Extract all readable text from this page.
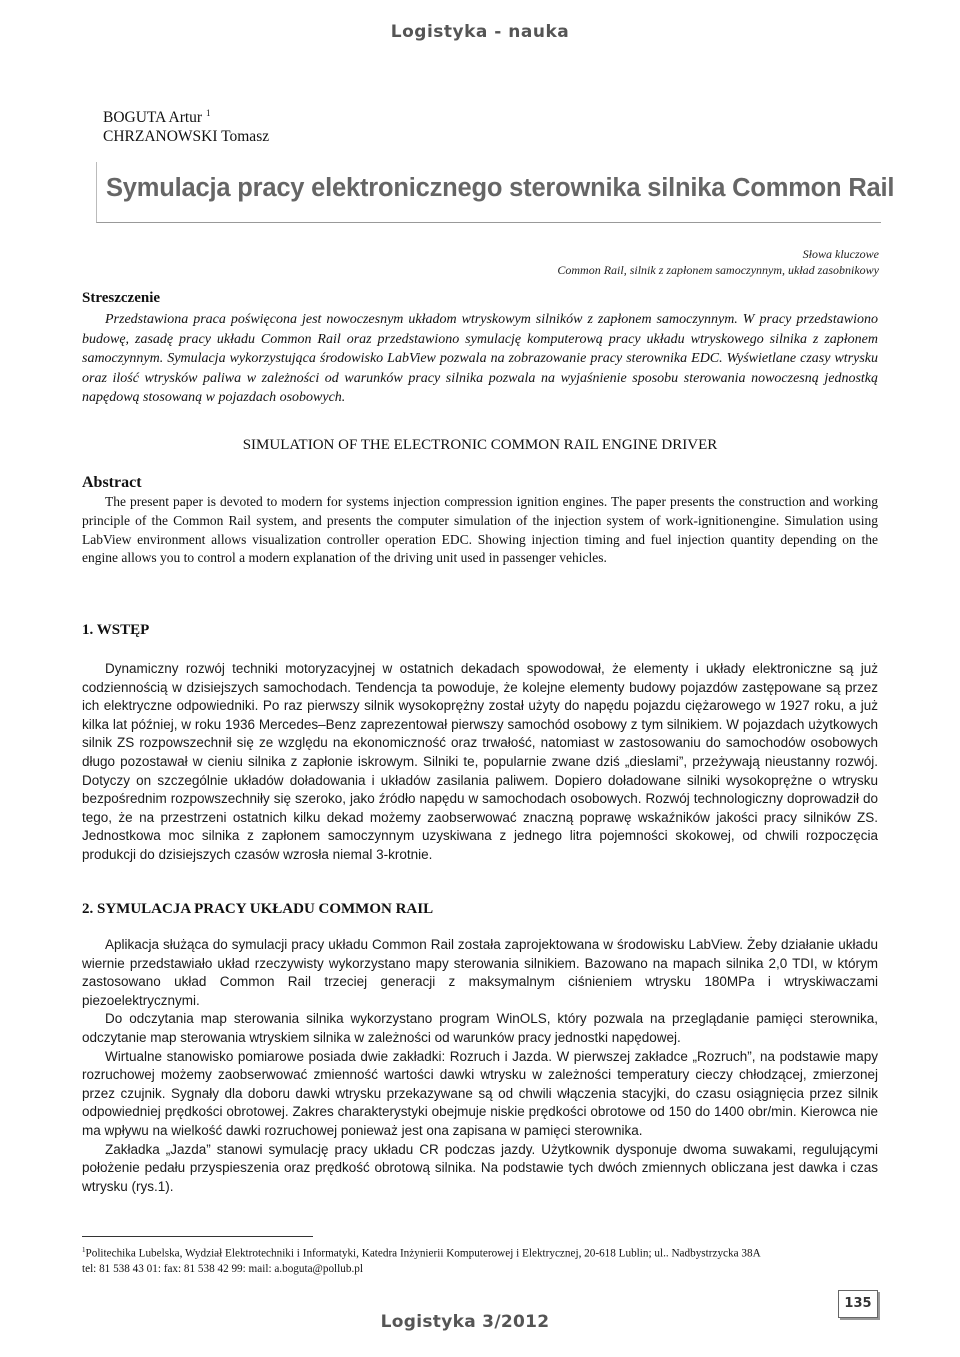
Logistyka - nauka
BOGUTA Artur $^1$
CHRZANOWSKI Tomasz
Symulacja pracy elektronicznego sterownika silnika Common Rail
Słowa kluczowe
Common Rail, silnik z zapłonem samoczynnym, układ zasobnikowy
Streszczenie

Przedstawiona praca poświęcona jest nowoczesnym układom wtryskowym silników z zapłonem samoczynnym. W pracy przedstawiono budowę, zasadę pracy układu Common Rail oraz przedstawiono symulację komputerową pracy układu wtryskowego silnika z zapłonem samoczynnym. Symulacja wykorzystująca środowisko LabView pozwala na zobrazowanie pracy sterownika EDC. Wyświetlane czasy wtrysku oraz ilość wtrysków paliwa w zależności od warunków pracy silnika pozwala na wyjaśnienie sposobu sterowania nowoczesną jednostką napędową stosowaną w pojazdach osobowych.

SIMULATION OF THE ELECTRONIC COMMON RAIL ENGINE DRIVER
Abstract

The present paper is devoted to modern for systems injection compression ignition engines. The paper presents the construction and working principle of the Common Rail system, and presents the computer simulation of the injection system of work-ignitionengine. Simulation using LabView environment allows visualization controller operation EDC. Showing injection timing and fuel injection quantity depending on the engine allows you to control a modern explanation of the driving unit used in passenger vehicles.

1. WSTĘP

Dynamiczny rozwój techniki motoryzacyjnej w ostatnich dekadach spowodował, że elementy i układy elektroniczne są już codziennością w dzisiejszych samochodach. Tendencja ta powoduje, że kolejne elementy budowy pojazdów zastępowane są przez ich elektryczne odpowiedniki. Po raz pierwszy silnik wysokoprężny został użyty do napędu pojazdu ciężarowego w 1927 roku, a już kilka lat później, w roku 1936 Mercedes–Benz zaprezentował pierwszy samochód osobowy z tym silnikiem. W pojazdach użytkowych silnik ZS rozpowszechnił się ze względu na ekonomiczność oraz trwałość, natomiast w zastosowaniu do samochodów osobowych długo pozostawał w cieniu silnika z zapłonie iskrowym. Silniki te, popularnie zwane dziś „dieslami”, przeżywają nieustanny rozwój. Dotyczy on szczególnie układów doładowania i układów zasilania paliwem. Dopiero doładowane silniki wysokoprężne o wtrysku bezpośrednim rozpowszechniły się szeroko, jako źródło napędu w samochodach osobowych. Rozwój technologiczny doprowadził do tego, że na przestrzeni ostatnich kilku dekad możemy zaobserwować znaczną poprawę wskaźników jakości pracy silników ZS. Jednostkowa moc silnika z zapłonem samoczynnym uzyskiwana z jednego litra pojemności skokowej, od chwili rozpoczęcia produkcji do dzisiejszych czasów wzrosła niemal 3-krotnie.

2. SYMULACJA PRACY UKŁADU COMMON RAIL

Aplikacja służąca do symulacji pracy układu Common Rail została zaprojektowana w środowisku LabView. Żeby działanie układu wiernie przedstawiało układ rzeczywisty wykorzystano mapy sterowania silnikiem. Bazowano na mapach silnika 2,0 TDI, w którym zastosowano układ Common Rail trzeciej generacji z maksymalnym ciśnieniem wtrysku 180MPa i wtryskiwaczami piezoelektrycznymi.

Do odczytania map sterowania silnika wykorzystano program WinOLS, który pozwala na przeglądanie pamięci sterownika, odczytanie map sterowania wtryskiem silnika w zależności od warunków pracy jednostki napędowej.

Wirtualne stanowisko pomiarowe posiada dwie zakładki: Rozruch i Jazda. W pierwszej zakładce „Rozruch”, na podstawie mapy rozruchowej możemy zaobserwować zmienność wartości dawki wtrysku w zależności temperatury cieczy chłodzącej, zmierzonej przez czujnik. Sygnały dla doboru dawki wtrysku przekazywane są od chwili włączenia stacyjki, do czasu osiągnięcia przez silnik odpowiedniej prędkości obrotowej. Zakres charakterystyki obejmuje niskie prędkości obrotowe od 150 do 1400 obr/min. Kierowca nie ma wpływu na wielkość dawki rozruchowej ponieważ jest ona zapisana w pamięci sterownika.

Zakładka „Jazda” stanowi symulację pracy układu CR podczas jazdy. Użytkownik dysponuje dwoma suwakami, regulującymi położenie pedału przyspieszenia oraz prędkość obrotową silnika. Na podstawie tych dwóch zmiennych obliczana jest dawka i czas wtrysku (rys.1).

$^1$Politechika Lubelska, Wydział Elektrotechniki i Informatyki, Katedra Inżynierii Komputerowej i Elektrycznej, 20-618 Lublin; ul.. Nadbystrzycka 38A
tel: 81 538 43 01: fax: 81 538 42 99: mail: a.boguta@pollub.pl
135
Logistyka 3/2012
